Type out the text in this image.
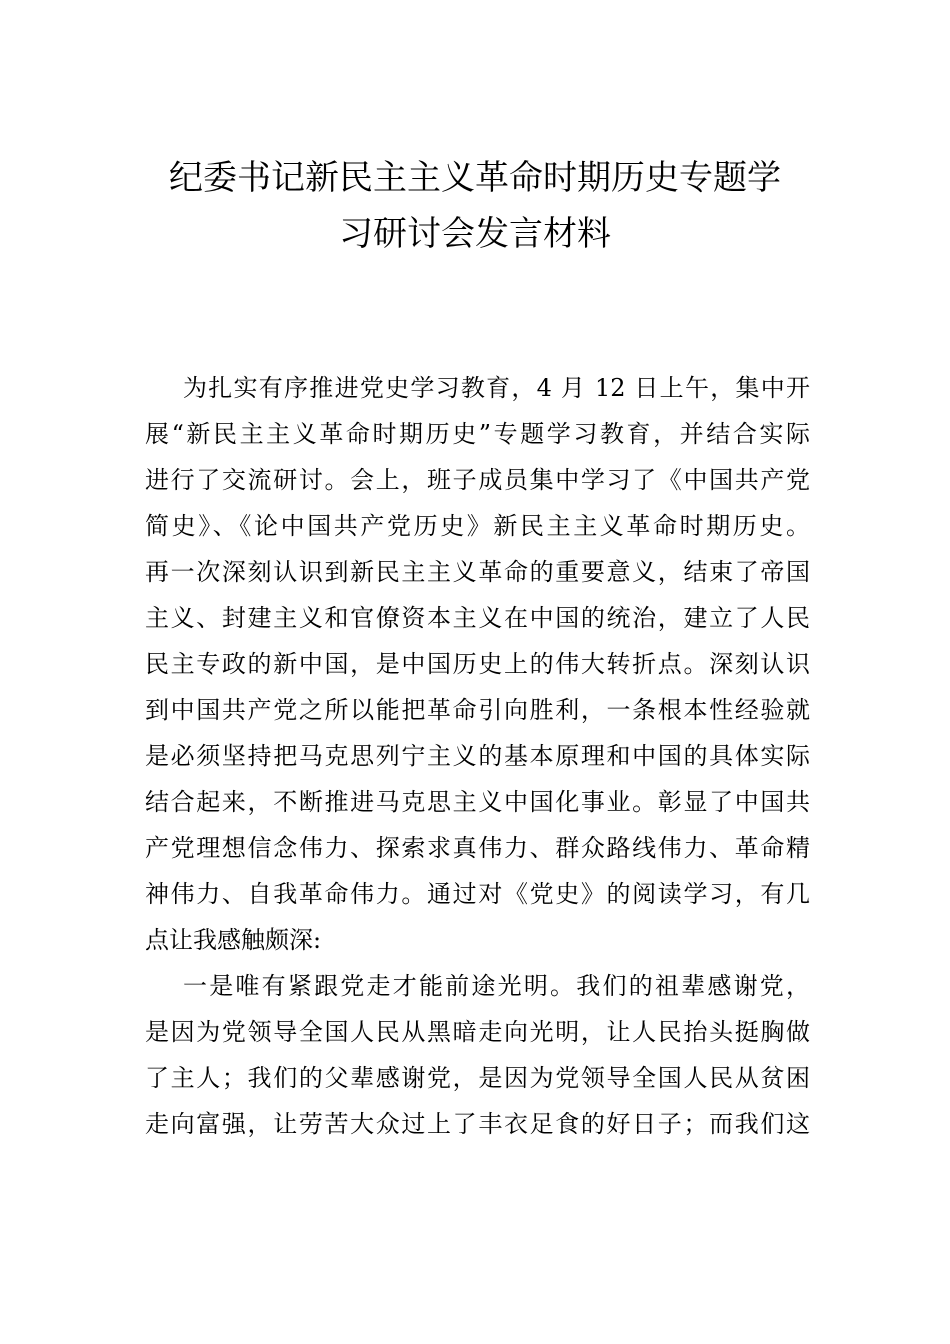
纪委书记新民主主义革命时期历史专题学
习研讨会发言材料
为扎实有序推进党史学习教育，4 月 12 日上午，集中开
展“新民主主义革命时期历史”专题学习教育，并结合实际
进行了交流研讨。会上，班子成员集中学习了《中国共产党
简史》、《论中国共产党历史》新民主主义革命时期历史。
再一次深刻认识到新民主主义革命的重要意义，结束了帝国
主义、封建主义和官僚资本主义在中国的统治，建立了人民
民主专政的新中国，是中国历史上的伟大转折点。深刻认识
到中国共产党之所以能把革命引向胜利，一条根本性经验就
是必须坚持把马克思列宁主义的基本原理和中国的具体实际
结合起来，不断推进马克思主义中国化事业。彰显了中国共
产党理想信念伟力、探索求真伟力、群众路线伟力、革命精
神伟力、自我革命伟力。通过对《党史》的阅读学习，有几
点让我感触颇深:
一是唯有紧跟党走才能前途光明。我们的祖辈感谢党，
是因为党领导全国人民从黑暗走向光明，让人民抬头挺胸做
了主人；我们的父辈感谢党，是因为党领导全国人民从贫困
走向富强，让劳苦大众过上了丰衣足食的好日子；而我们这
